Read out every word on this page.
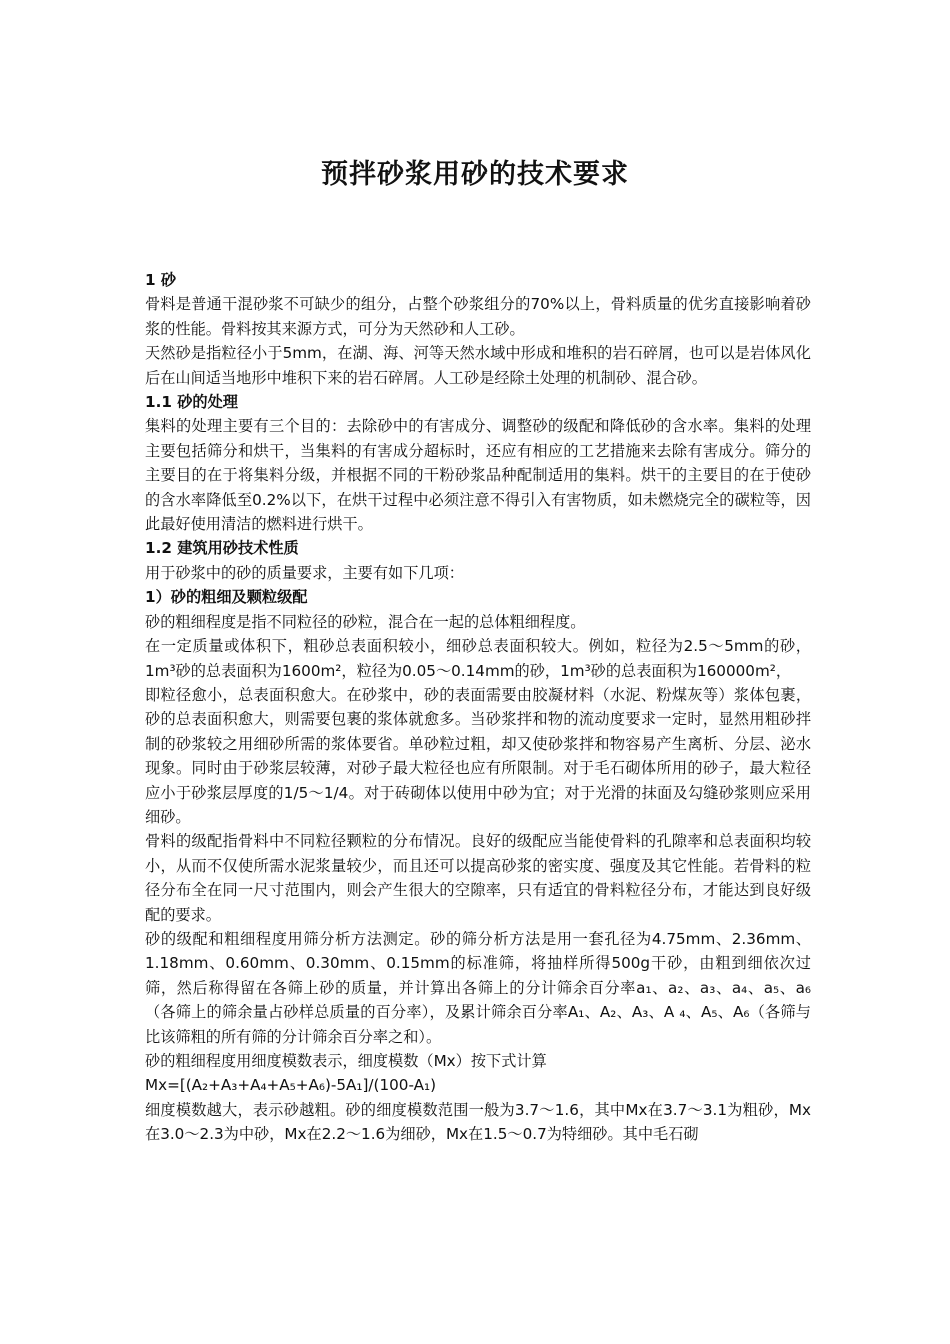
预拌砂浆用砂的技术要求

1 砂

骨料是普通干混砂浆不可缺少的组分，占整个砂浆组分的70%以上，骨料质量的优劣直接影响着砂浆的性能。骨料按其来源方式，可分为天然砂和人工砂。

天然砂是指粒径小于5mm，在湖、海、河等天然水域中形成和堆积的岩石碎屑，也可以是岩体风化后在山间适当地形中堆积下来的岩石碎屑。人工砂是经除土处理的机制砂、混合砂。

1.1 砂的处理

集料的处理主要有三个目的：去除砂中的有害成分、调整砂的级配和降低砂的含水率。集料的处理主要包括筛分和烘干，当集料的有害成分超标时，还应有相应的工艺措施来去除有害成分。筛分的主要目的在于将集料分级，并根据不同的干粉砂浆品种配制适用的集料。烘干的主要目的在于使砂的含水率降低至0.2%以下，在烘干过程中必须注意不得引入有害物质，如未燃烧完全的碳粒等，因此最好使用清洁的燃料进行烘干。

1.2 建筑用砂技术性质

用于砂浆中的砂的质量要求，主要有如下几项：

1）砂的粗细及颗粒级配

砂的粗细程度是指不同粒径的砂粒，混合在一起的总体粗细程度。

在一定质量或体积下，粗砂总表面积较小，细砂总表面积较大。例如，粒径为2.5～5mm的砂，1m³砂的总表面积为1600m²，粒径为0.05～0.14mm的砂，1m³砂的总表面积为160000m²，

即粒径愈小，总表面积愈大。在砂浆中，砂的表面需要由胶凝材料（水泥、粉煤灰等）浆体包裹，砂的总表面积愈大，则需要包裹的浆体就愈多。当砂浆拌和物的流动度要求一定时，显然用粗砂拌制的砂浆较之用细砂所需的浆体要省。单砂粒过粗，却又使砂浆拌和物容易产生离析、分层、泌水现象。同时由于砂浆层较薄，对砂子最大粒径也应有所限制。对于毛石砌体所用的砂子，最大粒径应小于砂浆层厚度的1/5～1/4。对于砖砌体以使用中砂为宜；对于光滑的抹面及勾缝砂浆则应采用细砂。

骨料的级配指骨料中不同粒径颗粒的分布情况。良好的级配应当能使骨料的孔隙率和总表面积均较小，从而不仅使所需水泥浆量较少，而且还可以提高砂浆的密实度、强度及其它性能。若骨料的粒径分布全在同一尺寸范围内，则会产生很大的空隙率，只有适宜的骨料粒径分布，才能达到良好级配的要求。

砂的级配和粗细程度用筛分析方法测定。砂的筛分析方法是用一套孔径为4.75mm、2.36mm、1.18mm、0.60mm、0.30mm、0.15mm的标准筛，将抽样所得500g干砂，由粗到细依次过筛，然后称得留在各筛上砂的质量，并计算出各筛上的分计筛余百分率a₁、a₂、a₃、a₄、a₅、a₆（各筛上的筛余量占砂样总质量的百分率），及累计筛余百分率A₁、A₂、A₃、A ₄、A₅、A₆（各筛与比该筛粗的所有筛的分计筛余百分率之和）。

砂的粗细程度用细度模数表示，细度模数（Mx）按下式计算

Mx=[(A₂+A₃+A₄+A₅+A₆)-5A₁]/(100-A₁)

细度模数越大，表示砂越粗。砂的细度模数范围一般为3.7～1.6，其中Mx在3.7～3.1为粗砂，Mx在3.0～2.3为中砂，Mx在2.2～1.6为细砂，Mx在1.5～0.7为特细砂。其中毛石砌
